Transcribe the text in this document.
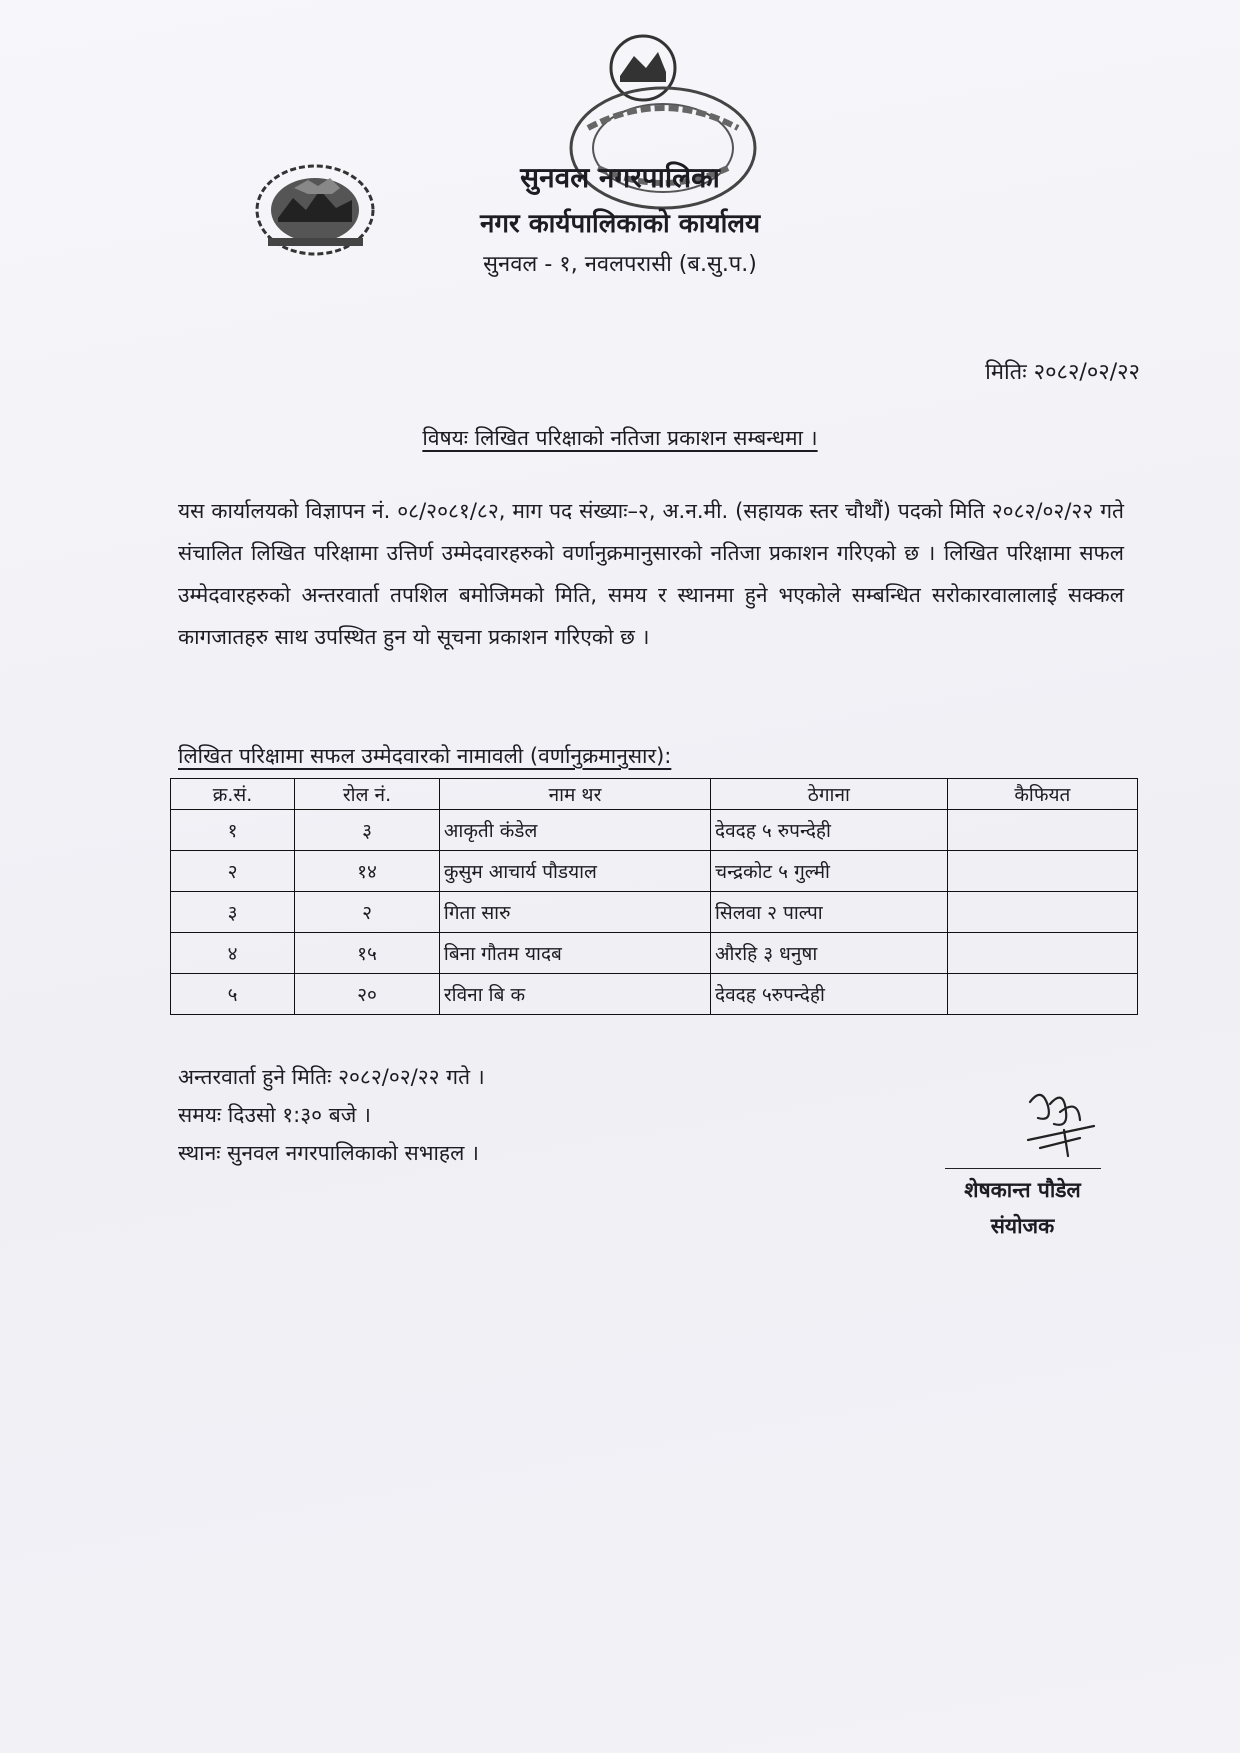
सुनवल नगरपालिका
नगर कार्यपालिकाको कार्यालय
सुनवल - १, नवलपरासी (ब.सु.प.)
मितिः २०८२/०२/२२
विषयः लिखित परिक्षाको नतिजा प्रकाशन सम्बन्धमा ।
यस कार्यालयको विज्ञापन नं. ०८/२०८१/८२, माग पद संख्याः–२, अ.न.मी. (सहायक स्तर चौथौं) पदको मिति २०८२/०२/२२ गते संचालित लिखित परिक्षामा उत्तिर्ण उम्मेदवारहरुको वर्णानुक्रमानुसारको नतिजा प्रकाशन गरिएको छ । लिखित परिक्षामा सफल उम्मेदवारहरुको अन्तरवार्ता तपशिल बमोजिमको मिति, समय र स्थानमा हुने भएकोले सम्बन्धित सरोकारवालालाई सक्कल कागजातहरु साथ उपस्थित हुन यो सूचना प्रकाशन गरिएको छ ।
लिखित परिक्षामा सफल उम्मेदवारको नामावली (वर्णानुक्रमानुसार):
क्र.सं.	रोल नं.	नाम थर	ठेगाना	कैफियत
१	३	आकृती कंडेल	देवदह ५ रुपन्देही	
२	१४	कुसुम आचार्य पौडयाल	चन्द्रकोट ५ गुल्मी	
३	२	गिता सारु	सिलवा २ पाल्पा	
४	१५	बिना गौतम यादब	औरहि ३ धनुषा	
५	२०	रविना बि क	देवदह ५रुपन्देही	
अन्तरवार्ता हुने मितिः २०८२/०२/२२ गते ।
समयः दिउसो १:३० बजे ।
स्थानः सुनवल नगरपालिकाको सभाहल ।
शेषकान्त पौडेल
संयोजक
